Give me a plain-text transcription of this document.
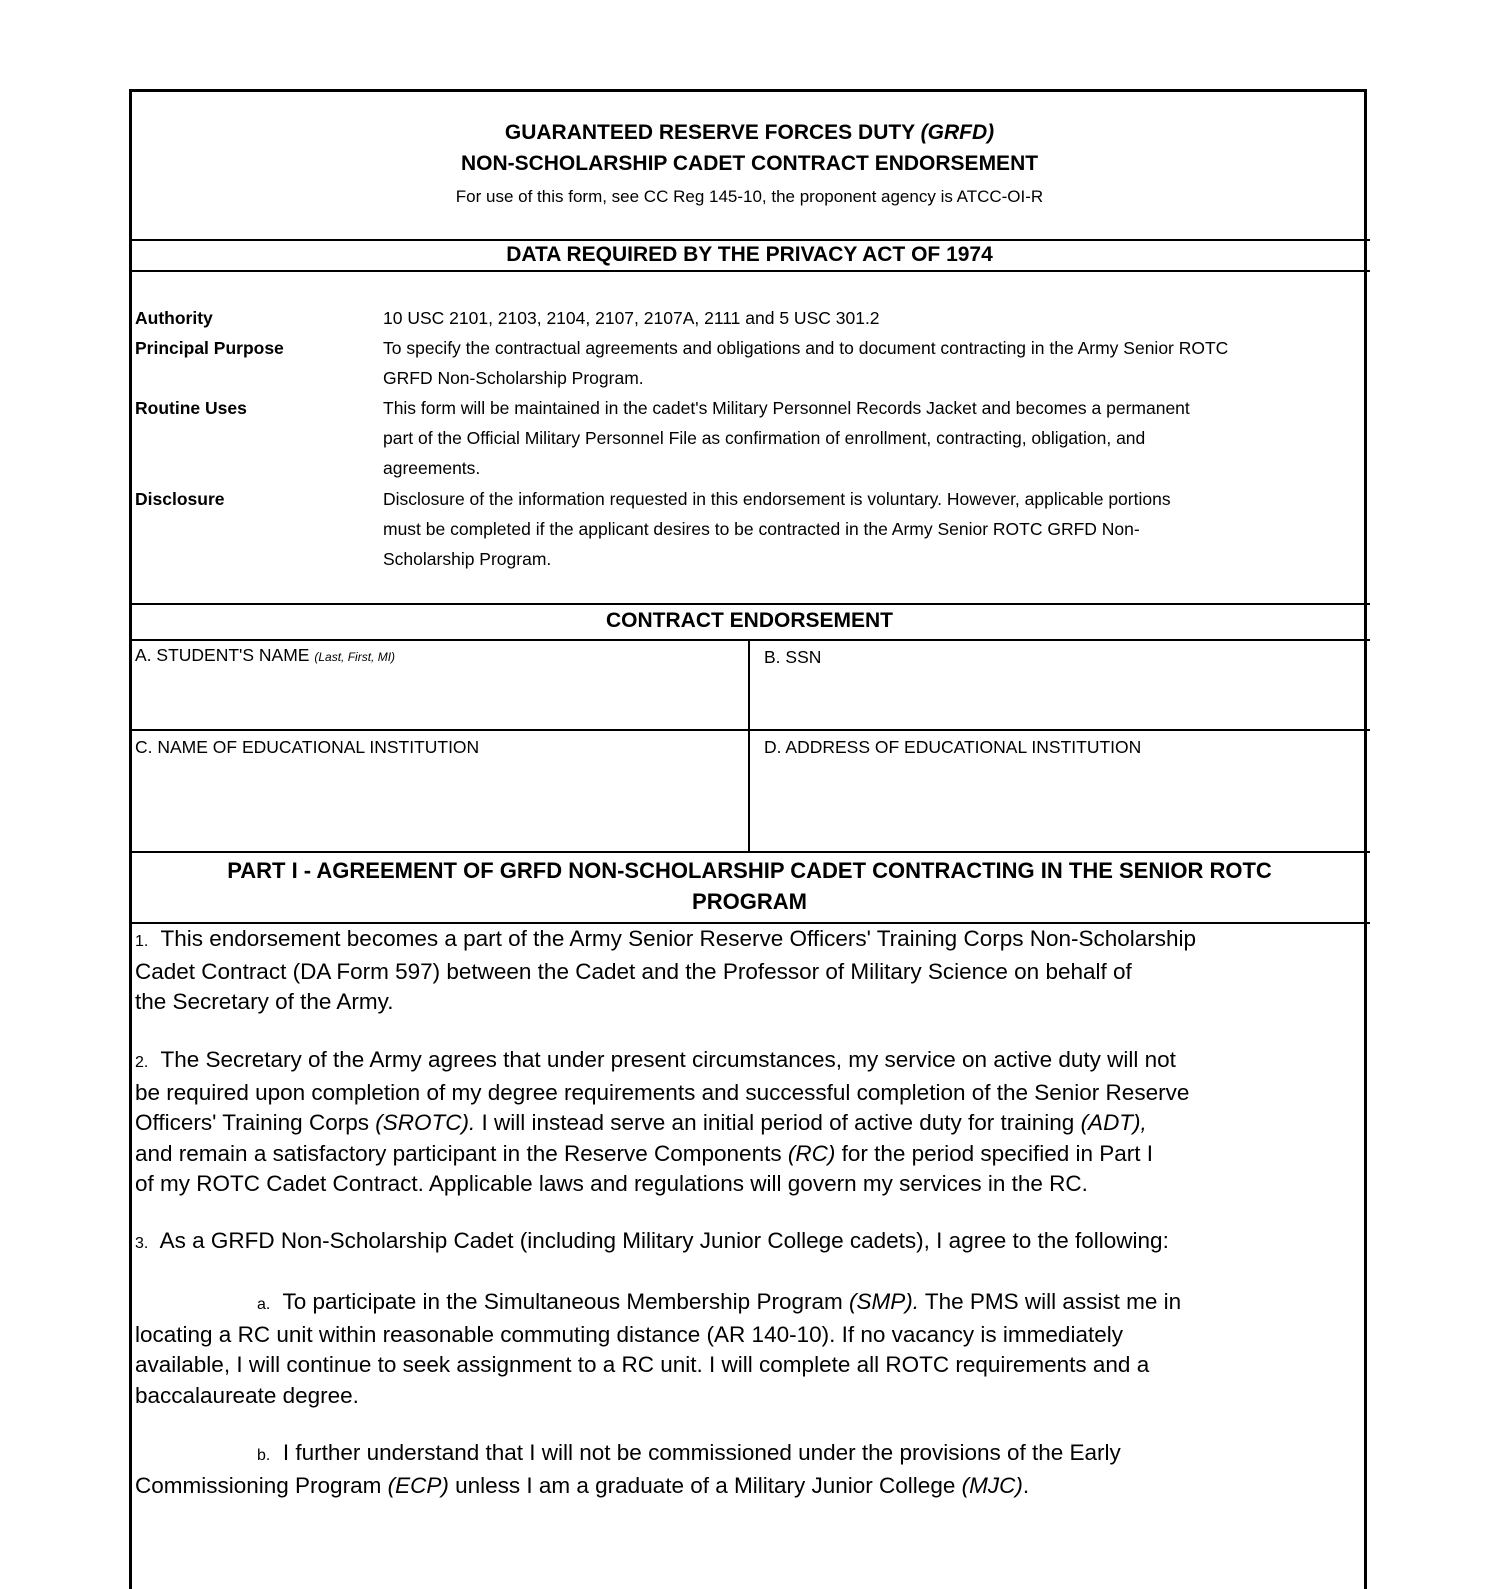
GUARANTEED RESERVE FORCES DUTY (GRFD)
NON-SCHOLARSHIP CADET CONTRACT ENDORSEMENT
For use of this form, see CC Reg 145-10, the proponent agency is ATCC-OI-R
DATA REQUIRED BY THE PRIVACY ACT OF 1974
Authority	10 USC 2101, 2103, 2104, 2107, 2107A, 2111 and 5 USC 301.2
Principal Purpose	To specify the contractual agreements and obligations and to document contracting in the Army Senior ROTC GRFD Non-Scholarship Program.
Routine Uses	This form will be maintained in the cadet's Military Personnel Records Jacket and becomes a permanent part of the Official Military Personnel File as confirmation of enrollment, contracting, obligation, and agreements.
Disclosure	Disclosure of the information requested in this endorsement is voluntary. However, applicable portions must be completed if the applicant desires to be contracted in the Army Senior ROTC GRFD Non-Scholarship Program.
CONTRACT ENDORSEMENT
A. STUDENT'S NAME (Last, First, MI)	B. SSN
C. NAME OF EDUCATIONAL INSTITUTION	D. ADDRESS OF EDUCATIONAL INSTITUTION
PART I - AGREEMENT OF GRFD NON-SCHOLARSHIP CADET CONTRACTING IN THE SENIOR ROTC
PROGRAM
1. This endorsement becomes a part of the Army Senior Reserve Officers' Training Corps Non-Scholarship
Cadet Contract (DA Form 597) between the Cadet and the Professor of Military Science on behalf of
the Secretary of the Army.
2. The Secretary of the Army agrees that under present circumstances, my service on active duty will not
be required upon completion of my degree requirements and successful completion of the Senior Reserve
Officers' Training Corps (SROTC). I will instead serve an initial period of active duty for training (ADT),
and remain a satisfactory participant in the Reserve Components (RC) for the period specified in Part I
of my ROTC Cadet Contract. Applicable laws and regulations will govern my services in the RC.
3. As a GRFD Non-Scholarship Cadet (including Military Junior College cadets), I agree to the following:
a. To participate in the Simultaneous Membership Program (SMP). The PMS will assist me in
locating a RC unit within reasonable commuting distance (AR 140-10). If no vacancy is immediately
available, I will continue to seek assignment to a RC unit. I will complete all ROTC requirements and a
baccalaureate degree.
b. I further understand that I will not be commissioned under the provisions of the Early
Commissioning Program (ECP) unless I am a graduate of a Military Junior College (MJC).
